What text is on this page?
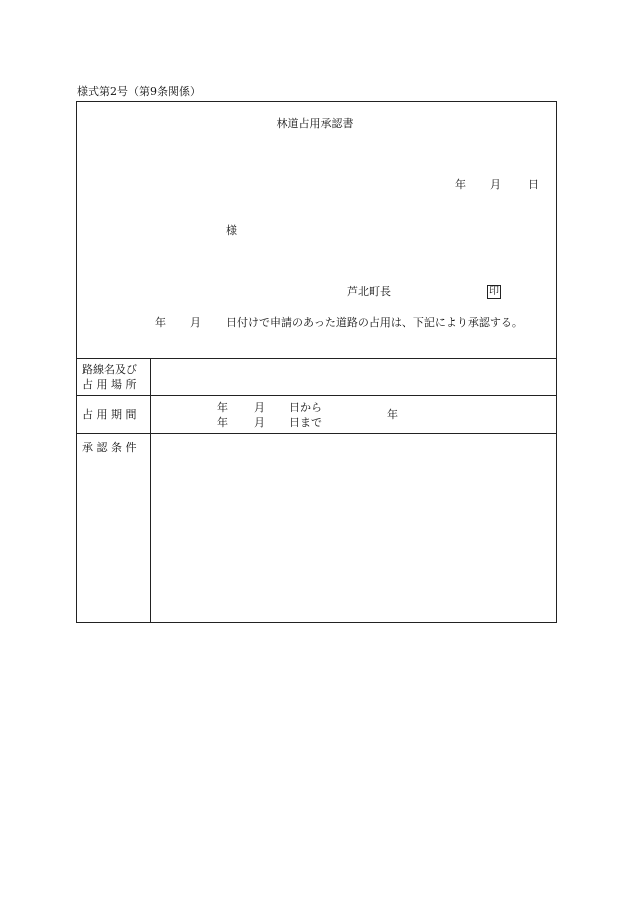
様式第2号（第9条関係）
林道占用承認書
年 月 日
様
芦北町長	印
年 月 日付けで申請のあった道路の占用は、下記により承認する。
路線名及び
占 用 場 所
占 用 期 間
年 月 日から
年 月 日まで
年
承 認 条 件
